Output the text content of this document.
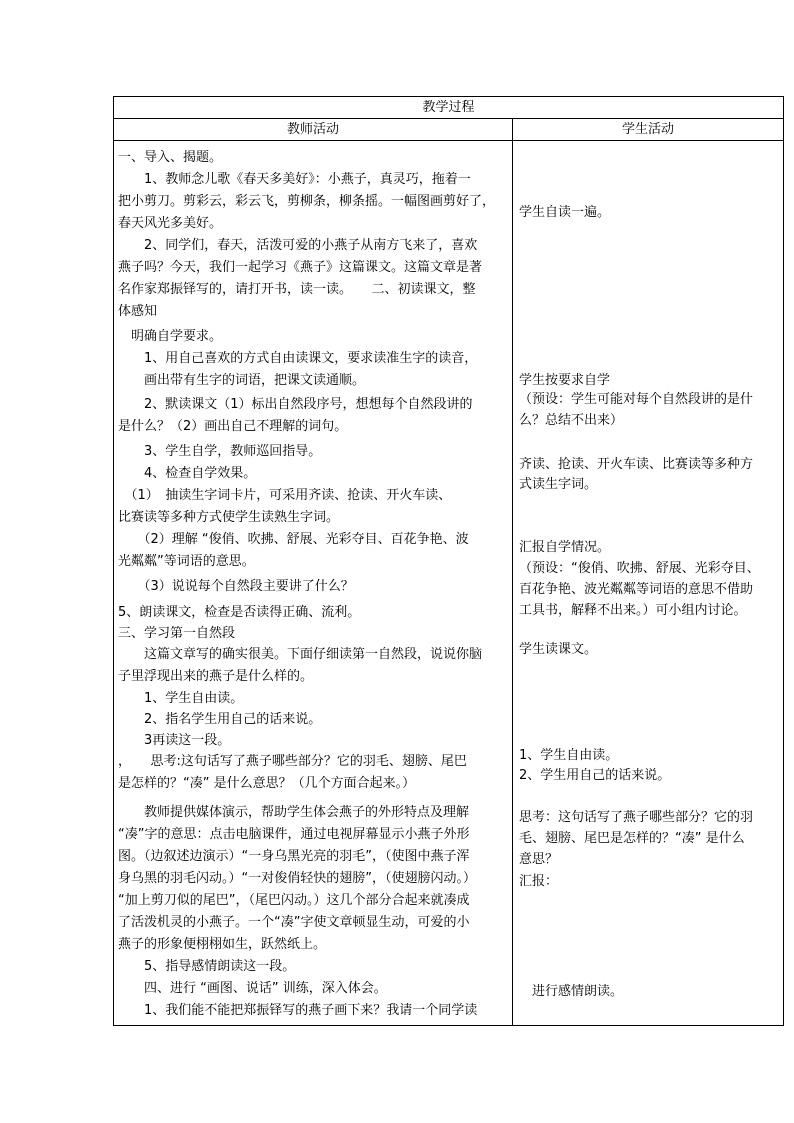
教学过程
教师活动	学生活动
一、导入、揭题。
　　1、教师念儿歌《春天多美好》：小燕子，真灵巧，拖着一
把小剪刀。剪彩云，彩云飞，剪柳条，柳条摇。一幅图画剪好了，
春天风光多美好。
　　2、同学们，春天，活泼可爱的小燕子从南方飞来了，喜欢
燕子吗？今天，我们一起学习《燕子》这篇课文。这篇文章是著
名作家郑振铎写的，请打开书，读一读。　　二、初读课文，整
体感知
　明确自学要求。
　　1、用自己喜欢的方式自由读课文，要求读准生字的读音，
　　画出带有生字的词语，把课文读通顺。
　　2、默读课文（1）标出自然段序号，想想每个自然段讲的
是什么？（2）画出自己不理解的词句。
　　3、学生自学，教师巡回指导。
　　4、检查自学效果。
　（1）　抽读生字词卡片，可采用齐读、抢读、开火车读、
比赛读等多种方式使学生读熟生字词。
　　（2）理解 “俊俏、吹拂、舒展、光彩夺目、百花争艳、波
光粼粼”等词语的意思。
　　（3）说说每个自然段主要讲了什么？
5、朗读课文，检查是否读得正确、流利。
三、学习第一自然段
　　这篇文章写的确实很美。下面仔细读第一自然段，说说你脑
子里浮现出来的燕子是什么样的。
　　1、学生自由读。
　　2、指名学生用自己的话来说。
　　3再读这一段。
，　　思考:这句话写了燕子哪些部分？它的羽毛、翅膀、尾巴
是怎样的？“凑” 是什么意思？（几个方面合起来。）
　　教师提供媒体演示，帮助学生体会燕子的外形特点及理解
“凑”字的意思：点击电脑课件，通过电视屏幕显示小燕子外形
图。（边叙述边演示）“一身乌黑光亮的羽毛”，（使图中燕子浑
身乌黑的羽毛闪动。）“一对俊俏轻快的翅膀”，（使翅膀闪动。）
“加上剪刀似的尾巴”，（尾巴闪动。）这几个部分合起来就凑成
了活泼机灵的小燕子。一个“凑”字使文章顿显生动，可爱的小
燕子的形象便栩栩如生，跃然纸上。
　　5、指导感情朗读这一段。
　　四、进行 “画图、说话” 训练，深入体会。
　　1、我们能不能把郑振铎写的燕子画下来？我请一个同学读
学生自读一遍。
学生按要求自学
（预设：学生可能对每个自然段讲的是什
么？总结不出来）
齐读、抢读、开火车读、比赛读等多种方
式读生字词。
汇报自学情况。
（预设：“俊俏、吹拂、舒展、光彩夺目、
百花争艳、波光粼粼等词语的意思不借助
工具书，解释不出来。）可小组内讨论。
学生读课文。
1、学生自由读。
2、学生用自己的话来说。
思考：这句话写了燕子哪些部分？它的羽
毛、翅膀、尾巴是怎样的？“凑” 是什么
意思？
汇报：
　进行感情朗读。
